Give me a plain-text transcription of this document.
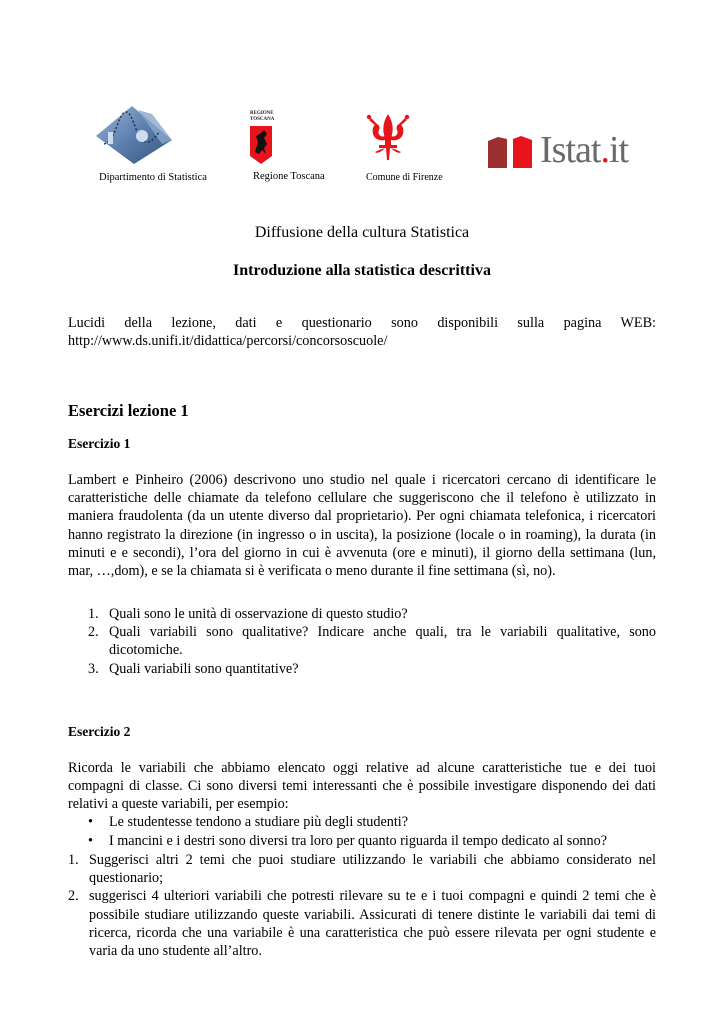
Dipartimento di Statistica
REGIONE
TOSCANA
Regione Toscana	Comune di Firenze
Istat.it
Diffusione della cultura Statistica
Introduzione alla statistica descrittiva
Lucidi della lezione, dati e questionario sono disponibili sulla pagina WEB:
http://www.ds.unifi.it/didattica/percorsi/concorsoscuole/
Esercizi lezione 1
Esercizio 1
Lambert e Pinheiro (2006) descrivono uno studio nel quale i ricercatori cercano di identificare le caratteristiche delle chiamate da telefono cellulare che suggeriscono che il telefono è utilizzato in maniera fraudolenta (da un utente diverso dal proprietario). Per ogni chiamata telefonica, i ricercatori hanno registrato la direzione (in ingresso o in uscita), la posizione (locale o in roaming), la durata (in minuti e e secondi), l’ora del giorno in cui è avvenuta (ore e minuti), il giorno della settimana (lun, mar, …,dom), e se la chiamata si è verificata o meno durante il fine settimana (sì, no).
1. Quali sono le unità di osservazione di questo studio?
2. Quali variabili sono qualitative? Indicare anche quali, tra le variabili qualitative, sono dicotomiche.
3. Quali variabili sono quantitative?
Esercizio 2
Ricorda le variabili che abbiamo elencato oggi relative ad alcune caratteristiche tue e dei tuoi compagni di classe. Ci sono diversi temi interessanti che è possibile investigare disponendo dei dati relativi a queste variabili, per esempio:
• Le studentesse tendono a studiare più degli studenti?
• I mancini e i destri sono diversi tra loro per quanto riguarda il tempo dedicato al sonno?
1. Suggerisci altri 2 temi che puoi studiare utilizzando le variabili che abbiamo considerato nel questionario;
2. suggerisci 4 ulteriori variabili che potresti rilevare su te e i tuoi compagni e quindi 2 temi che è possibile studiare utilizzando queste variabili. Assicurati di tenere distinte le variabili dai temi di ricerca, ricorda che una variabile è una caratteristica che può essere rilevata per ogni studente e varia da uno studente all’altro.
